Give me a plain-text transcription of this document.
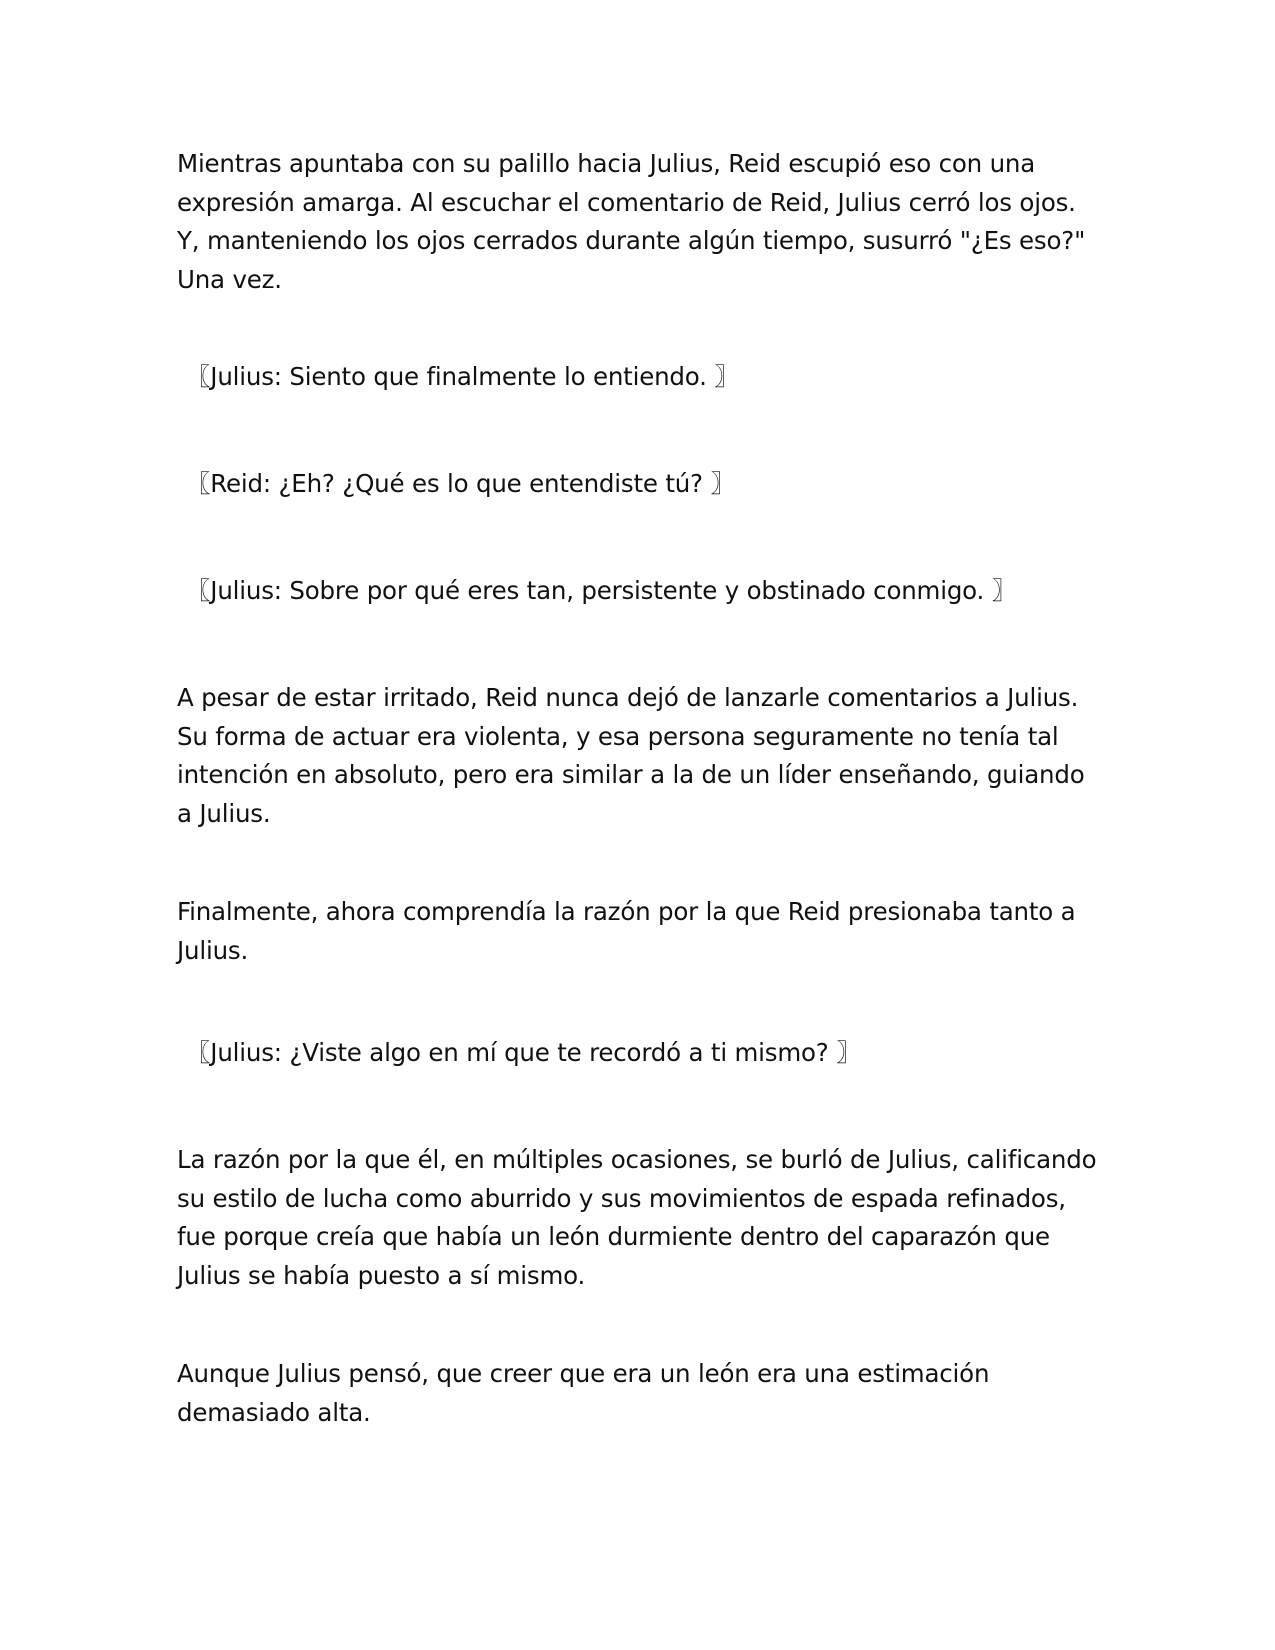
Mientras apuntaba con su palillo hacia Julius, Reid escupió eso con una expresión amarga. Al escuchar el comentario de Reid, Julius cerró los ojos. Y, manteniendo los ojos cerrados durante algún tiempo, susurró "¿Es eso?" Una vez.

〖Julius: Siento que finalmente lo entiendo. 〗

〖Reid: ¿Eh? ¿Qué es lo que entendiste tú? 〗

〖Julius: Sobre por qué eres tan, persistente y obstinado conmigo. 〗

A pesar de estar irritado, Reid nunca dejó de lanzarle comentarios a Julius. Su forma de actuar era violenta, y esa persona seguramente no tenía tal intención en absoluto, pero era similar a la de un líder enseñando, guiando a Julius.

Finalmente, ahora comprendía la razón por la que Reid presionaba tanto a Julius.

〖Julius: ¿Viste algo en mí que te recordó a ti mismo? 〗

La razón por la que él, en múltiples ocasiones, se burló de Julius, calificando su estilo de lucha como aburrido y sus movimientos de espada refinados, fue porque creía que había un león durmiente dentro del caparazón que Julius se había puesto a sí mismo.

Aunque Julius pensó, que creer que era un león era una estimación demasiado alta.
